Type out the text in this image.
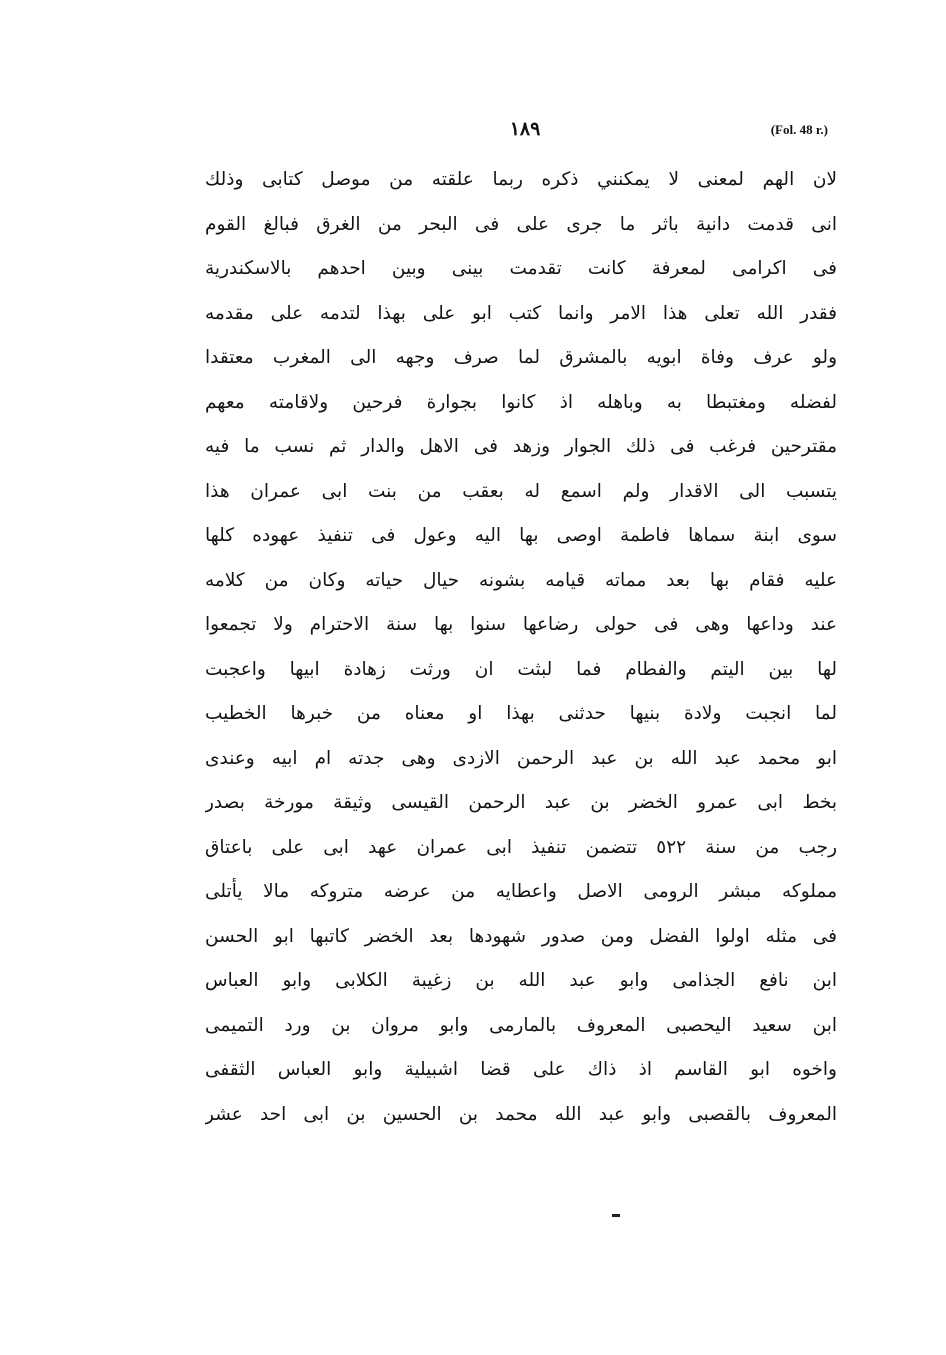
١٨٩	(Fol. 48 r.)
لان الهم لمعنى لا يمكنني ذكره ربما علقته من موصل كتابى وذلك
انى قدمت دانية باثر ما جرى على فى البحر من الغرق فبالغ القوم
فى اكرامى لمعرفة كانت تقدمت بينى وبين احدهم بالاسكندرية
فقدر الله تعلى هذا الامر وانما كتب ابو على بهذا لتدمه على مقدمه
ولو عرف وفاة ابويه بالمشرق لما صرف وجهه الى المغرب معتقدا
لفضله ومغتبطا به وباهله اذ كانوا بجوارة فرحين ولاقامته معهم
مقترحين فرغب فى ذلك الجوار وزهد فى الاهل والدار ثم نسب ما فيه
يتسبب الى الاقدار ولم اسمع له بعقب من بنت ابى عمران هذا
سوى ابنة سماها فاطمة اوصى بها اليه وعول فى تنفيذ عهوده كلها
عليه فقام بها بعد مماته قيامه بشونه حيال حياته وكان من كلامه
عند وداعها وهى فى حولى رضاعها سنوا بها سنة الاحترام ولا تجمعوا
لها بين اليتم والفطام فما لبثت ان ورثت زهادة ابيها واعجبت
لما انجبت ولادة بنيها حدثنى بهذا او معناه من خبرها الخطيب
ابو محمد عبد الله بن عبد الرحمن الازدى وهى جدته ام ابيه وعندى
بخط ابى عمرو الخضر بن عبد الرحمن القيسى وثيقة مورخة بصدر
رجب من سنة ٥٢٢ تتضمن تنفيذ ابى عمران عهد ابى على باعتاق
مملوكه مبشر الرومى الاصل واعطايه من عرضه متروكه مالا يأتلى
فى مثله اولوا الفضل ومن صدور شهودها بعد الخضر كاتبها ابو الحسن
ابن نافع الجذامى وابو عبد الله بن زغيبة الكلابى وابو العباس
ابن سعيد اليحصبى المعروف بالمارمى وابو مروان بن ورد التميمى
واخوه ابو القاسم اذ ذاك على قضا اشبيلية وابو العباس الثقفى
المعروف بالقصبى وابو عبد الله محمد بن الحسين بن ابى احد عشر
